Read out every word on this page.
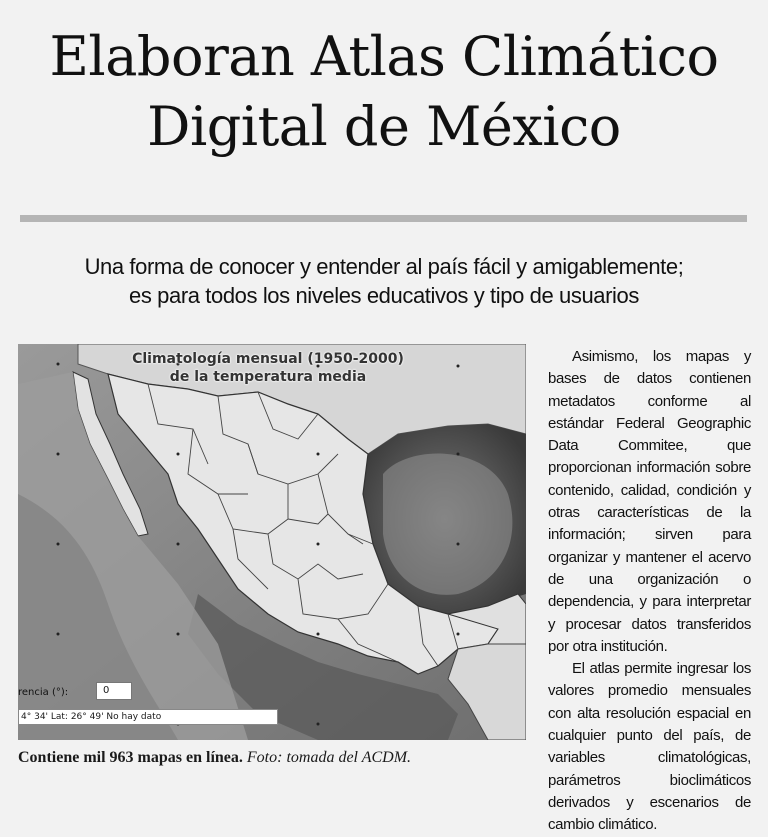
Elaboran Atlas Climático
Digital de México
Una forma de conocer y entender al país fácil y amigablemente;
es para todos los niveles educativos y tipo de usuarios
Climatología mensual (1950-2000)
de la temperatura media
rencia (°):	0
4° 34' Lat: 26° 49' No hay dato
Contiene mil 963 mapas en línea. Foto: tomada del ACDM.

Asimismo, los mapas y bases de datos contienen metadatos conforme al estándar Federal Geographic Data Commitee, que proporcionan información sobre contenido, calidad, condición y otras características de la información; sirven para organizar y mantener el acervo de una organización o dependencia, y para interpretar y procesar datos transferidos por otra institución.

El atlas permite ingresar los valores promedio mensuales con alta resolución espacial en cualquier punto del país, de variables climatológicas, parámetros bioclimáticos derivados y escenarios de cambio climático.
